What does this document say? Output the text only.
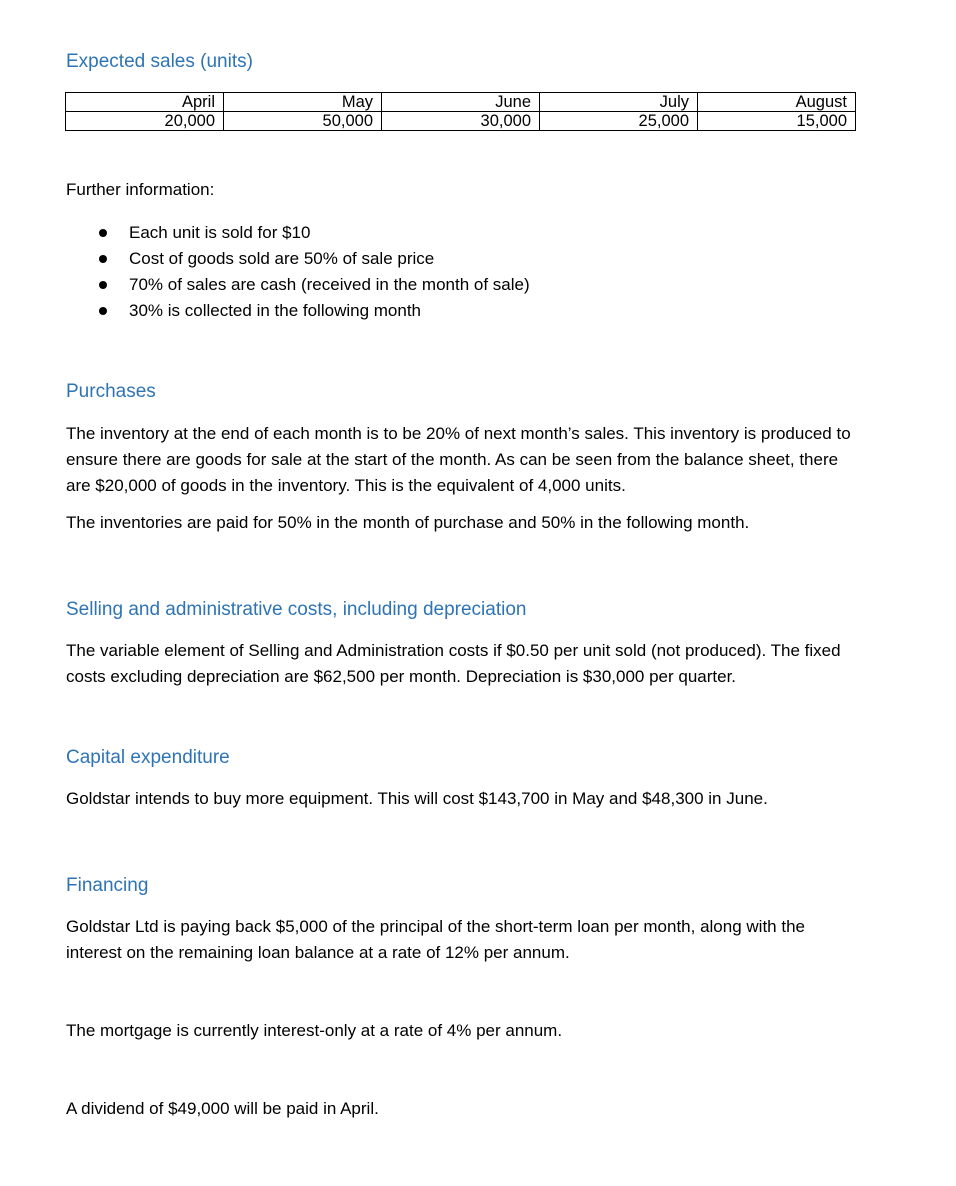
Expected sales (units)
April	May	June	July	August
20,000	50,000	30,000	25,000	15,000
Further information:
Each unit is sold for $10
Cost of goods sold are 50% of sale price
70% of sales are cash (received in the month of sale)
30% is collected in the following month
Purchases
The inventory at the end of each month is to be 20% of next month’s sales. This inventory is produced to ensure there are goods for sale at the start of the month. As can be seen from the balance sheet, there are $20,000 of goods in the inventory. This is the equivalent of 4,000 units.
The inventories are paid for 50% in the month of purchase and 50% in the following month.
Selling and administrative costs, including depreciation
The variable element of Selling and Administration costs if $0.50 per unit sold (not produced). The fixed costs excluding depreciation are $62,500 per month. Depreciation is $30,000 per quarter.
Capital expenditure
Goldstar intends to buy more equipment. This will cost $143,700 in May and $48,300 in June.
Financing
Goldstar Ltd is paying back $5,000 of the principal of the short-term loan per month, along with the interest on the remaining loan balance at a rate of 12% per annum.
The mortgage is currently interest-only at a rate of 4% per annum.
A dividend of $49,000 will be paid in April.
